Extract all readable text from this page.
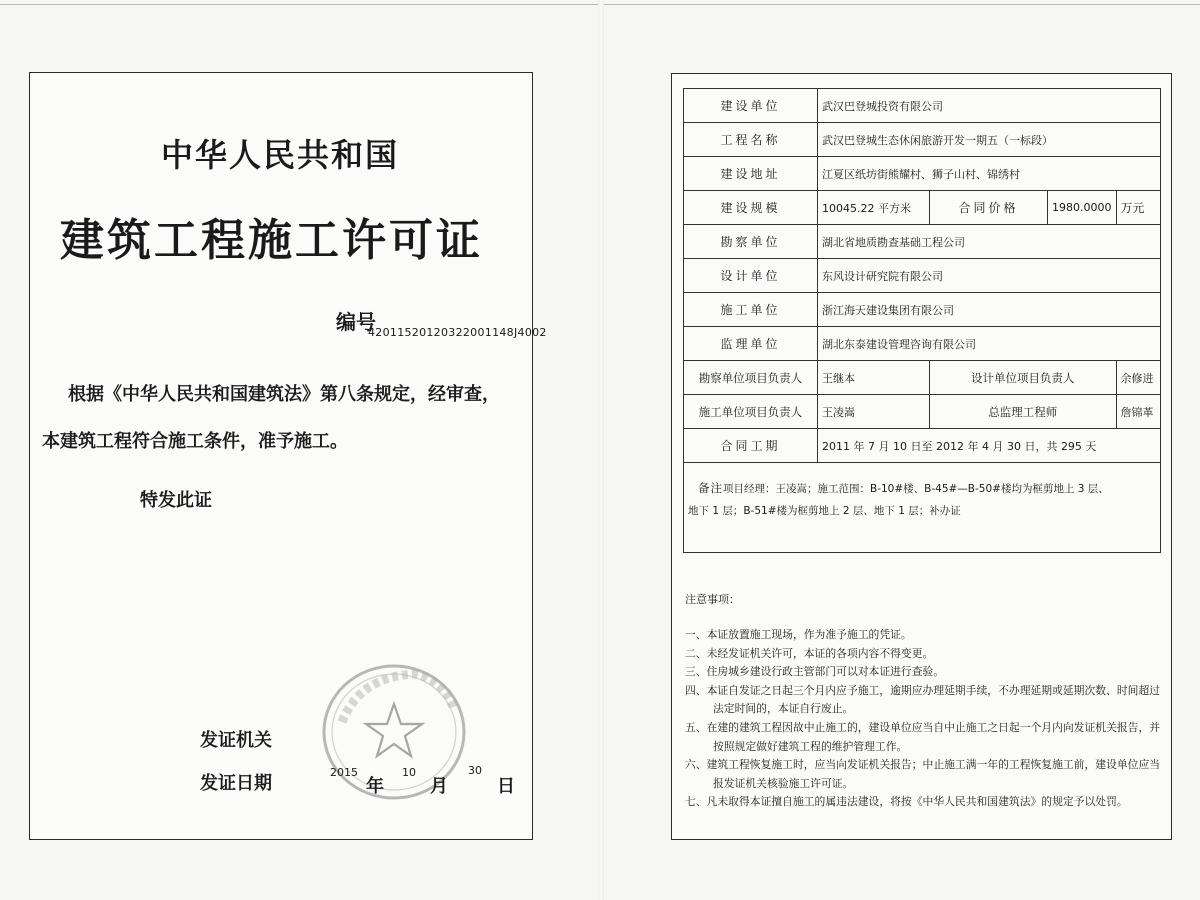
中华人民共和国
建筑工程施工许可证
编号
42011520120322001148J4002
根据《中华人民共和国建筑法》第八条规定，经审查，
本建筑工程符合施工条件，准予施工。
特发此证
发证机关
发证日期
2015
年
10
月
30
日
建设单位	武汉巴登城投资有限公司			
工程名称	武汉巴登城生态休闲旅游开发一期五（一标段）			
建设地址	江夏区纸坊街熊耀村、狮子山村、锦绣村			
建设规模	10045.22 平方米	合同价格	1980.0000	万元
勘察单位	湖北省地质勘查基础工程公司			
设计单位	东风设计研究院有限公司			
施工单位	浙江海天建设集团有限公司			
监理单位	湖北东泰建设管理咨询有限公司			
勘察单位项目负责人	王继本	设计单位项目负责人		余修进
施工单位项目负责人	王凌嵩	总监理工程师		詹锦革
合同工期	2011 年 7 月 10 日至 2012 年 4 月 30 日，共 295 天			

备注项目经理：王凌嵩；施工范围：B-10#楼、B-45#—B-50#楼均为框剪地上 3 层、
地下 1 层；B-51#楼为框剪地上 2 层、地下 1 层；补办证				
注意事项：
一、本证放置施工现场，作为准予施工的凭证。
二、未经发证机关许可，本证的各项内容不得变更。
三、住房城乡建设行政主管部门可以对本证进行查验。
四、本证自发证之日起三个月内应予施工，逾期应办理延期手续，不办理延期或延期次数、时间超过法定时间的，本证自行废止。
五、在建的建筑工程因故中止施工的，建设单位应当自中止施工之日起一个月内向发证机关报告，并按照规定做好建筑工程的维护管理工作。
六、建筑工程恢复施工时，应当向发证机关报告；中止施工满一年的工程恢复施工前，建设单位应当报发证机关核验施工许可证。
七、凡未取得本证擅自施工的属违法建设，将按《中华人民共和国建筑法》的规定予以处罚。
